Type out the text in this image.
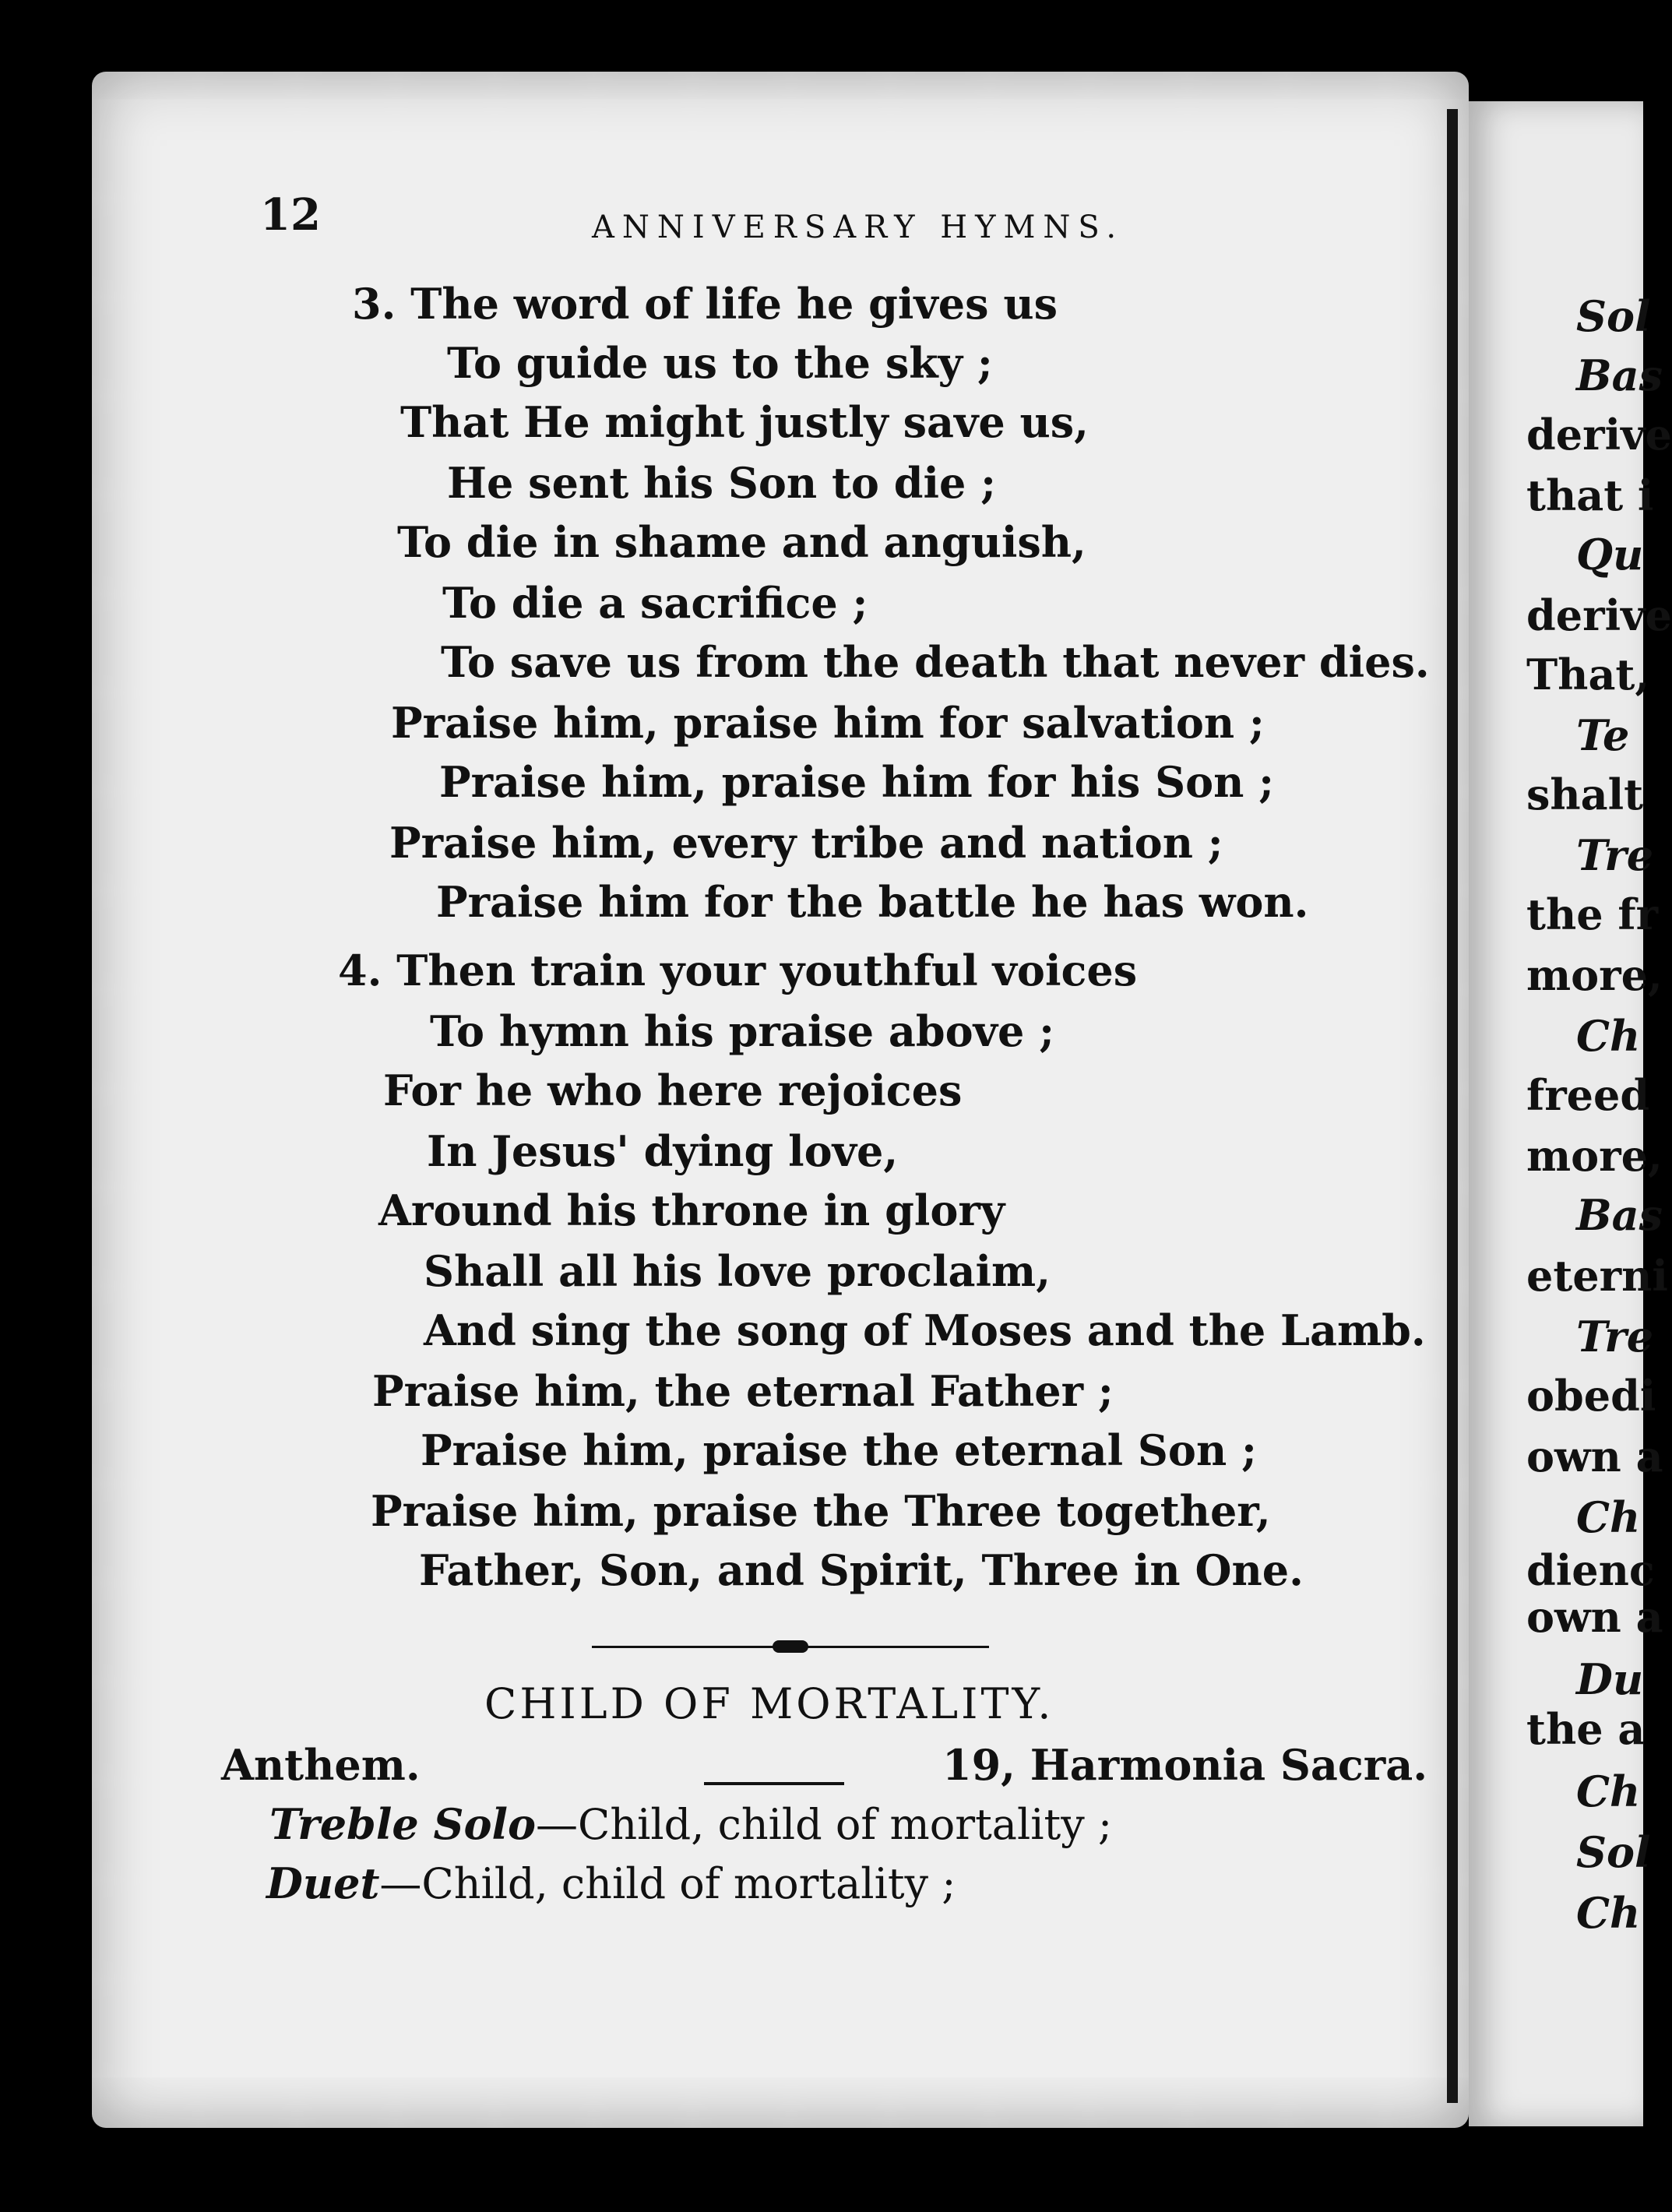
12	ANNIVERSARY HYMNS.
3. The word of life he gives us
To guide us to the sky ;
That He might justly save us,
He sent his Son to die ;
To die in shame and anguish,
To die a sacrifice ;
To save us from the death that never dies.
Praise him, praise him for salvation ;
Praise him, praise him for his Son ;
Praise him, every tribe and nation ;
Praise him for the battle he has won.
4. Then train your youthful voices
To hymn his praise above ;
For he who here rejoices
In Jesus' dying love,
Around his throne in glory
Shall all his love proclaim,
And sing the song of Moses and the Lamb.
Praise him, the eternal Father ;
Praise him, praise the eternal Son ;
Praise him, praise the Three together,
Father, Son, and Spirit, Three in One.
CHILD OF MORTALITY.
Anthem.	19, Harmonia Sacra.
Treble Solo—Child, child of mortality ;
Duet—Child, child of mortality ;
Sol
Bas
derive
that i
Qu
derive
That,
Te
shalt
Tre
the fr
more,
Ch
freed
more,
Bas
eterni
Tre
obedi
own a
Ch
dienc
own a
Du
the a
Ch
Sol
Ch
